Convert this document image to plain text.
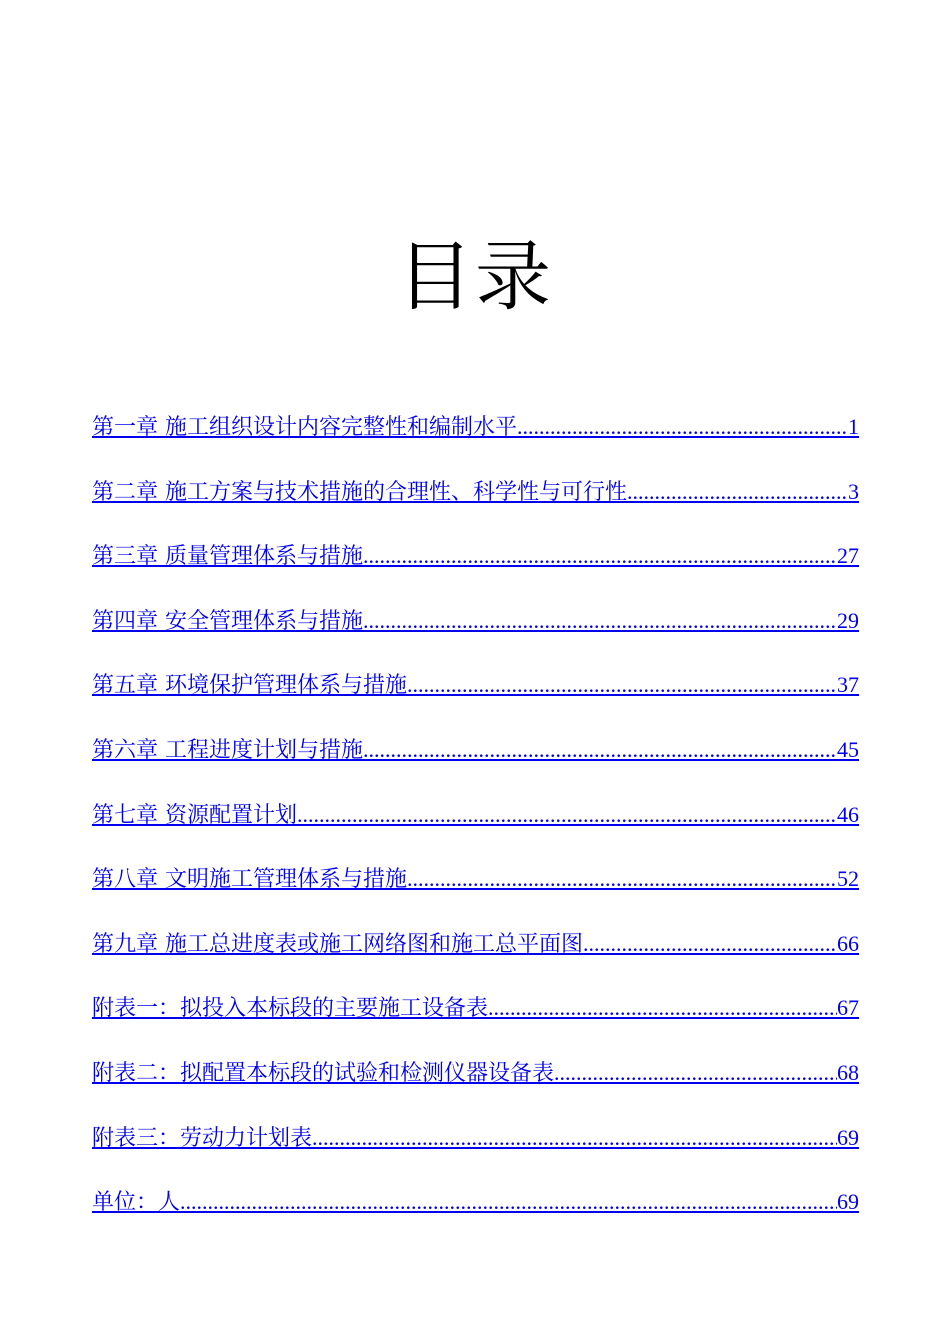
目录
第一章 施工组织设计内容完整性和编制水平 .....	1
第二章 施工方案与技术措施的合理性、科学性与可行性 .....	3
第三章 质量管理体系与措施 .....	27
第四章 安全管理体系与措施 .....	29
第五章 环境保护管理体系与措施 .....	37
第六章 工程进度计划与措施 .....	45
第七章 资源配置计划 .....	46
第八章 文明施工管理体系与措施 .....	52
第九章 施工总进度表或施工网络图和施工总平面图 .....	66
附表一：拟投入本标段的主要施工设备表 .....	67
附表二：拟配置本标段的试验和检测仪器设备表 .....	68
附表三：劳动力计划表 .....	69
单位：人 .....	69
